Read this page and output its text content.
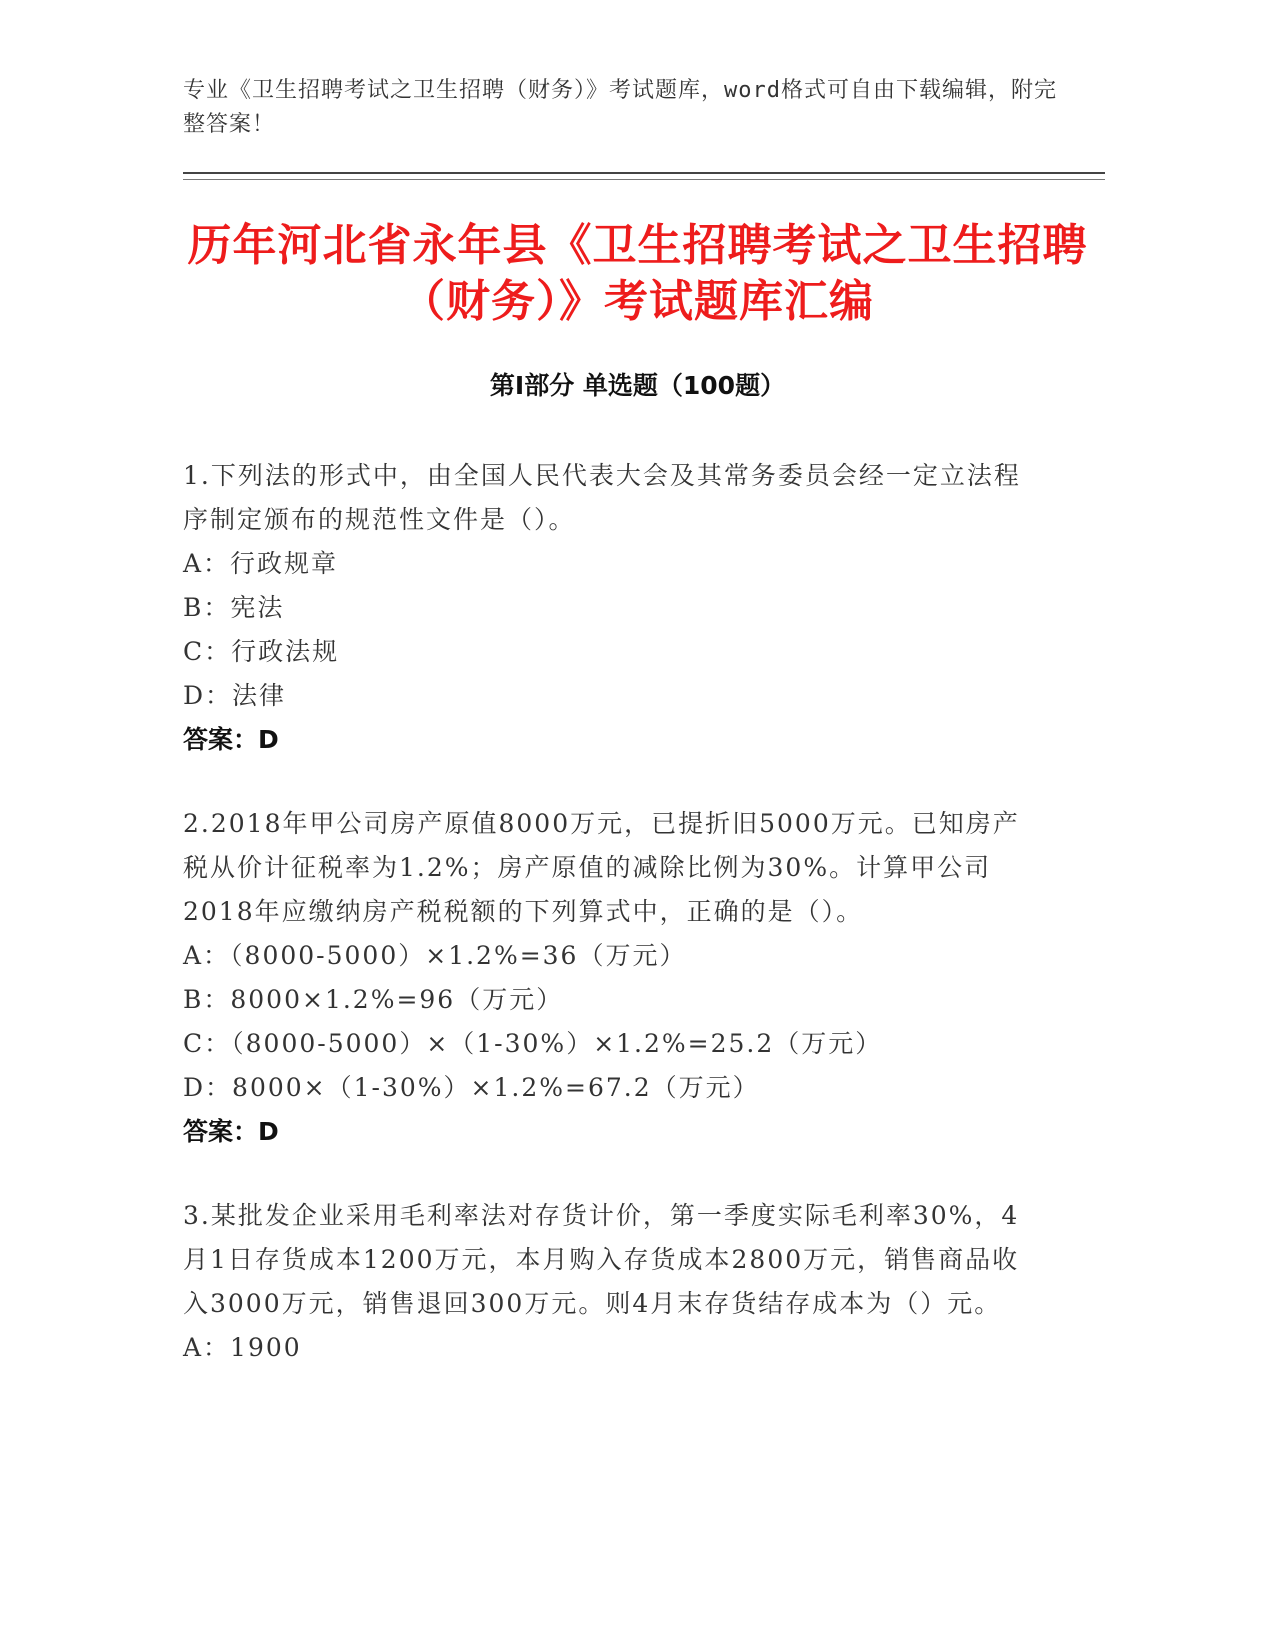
专业《卫生招聘考试之卫生招聘（财务）》考试题库，word格式可自由下载编辑，附完整答案！
历年河北省永年县《卫生招聘考试之卫生招聘（财务）》考试题库汇编
第I部分 单选题（100题）

1.下列法的形式中，由全国人民代表大会及其常务委员会经一定立法程序制定颁布的规范性文件是（）。

A：行政规章

B：宪法

C：行政法规

D：法律

答案：D

2.2018年甲公司房产原值8000万元，已提折旧5000万元。已知房产税从价计征税率为1.2%；房产原值的减除比例为30%。计算甲公司2018年应缴纳房产税税额的下列算式中，正确的是（）。

A：（8000-5000）×1.2%=36（万元）

B：8000×1.2%=96（万元）

C：（8000-5000）×（1-30%）×1.2%=25.2（万元）

D：8000×（1-30%）×1.2%=67.2（万元）

答案：D

3.某批发企业采用毛利率法对存货计价，第一季度实际毛利率30%，4月1日存货成本1200万元，本月购入存货成本2800万元，销售商品收入3000万元，销售退回300万元。则4月末存货结存成本为（）元。

A：1900
